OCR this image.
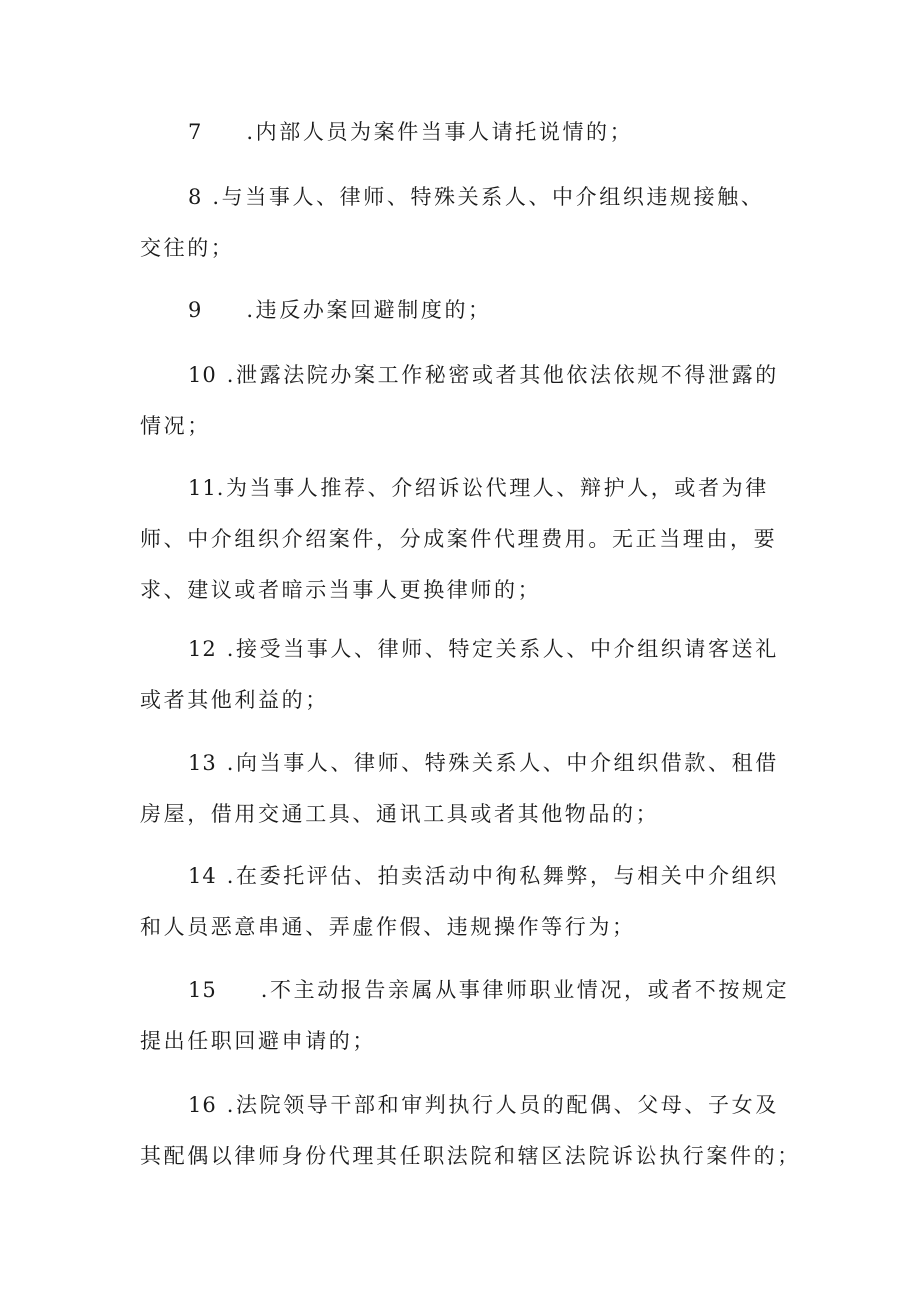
7 .内部人员为案件当事人请托说情的；
8 .与当事人、律师、特殊关系人、中介组织违规接触、
交往的；
9 .违反办案回避制度的；
10 .泄露法院办案工作秘密或者其他依法依规不得泄露的
情况；
11.为当事人推荐、介绍诉讼代理人、辩护人，或者为律
师、中介组织介绍案件，分成案件代理费用。无正当理由，要
求、建议或者暗示当事人更换律师的；
12 .接受当事人、律师、特定关系人、中介组织请客送礼
或者其他利益的；
13 .向当事人、律师、特殊关系人、中介组织借款、租借
房屋，借用交通工具、通讯工具或者其他物品的；
14 .在委托评估、拍卖活动中徇私舞弊，与相关中介组织
和人员恶意串通、弄虚作假、违规操作等行为；
15 .不主动报告亲属从事律师职业情况，或者不按规定
提出任职回避申请的；
16 .法院领导干部和审判执行人员的配偶、父母、子女及
其配偶以律师身份代理其任职法院和辖区法院诉讼执行案件的；
